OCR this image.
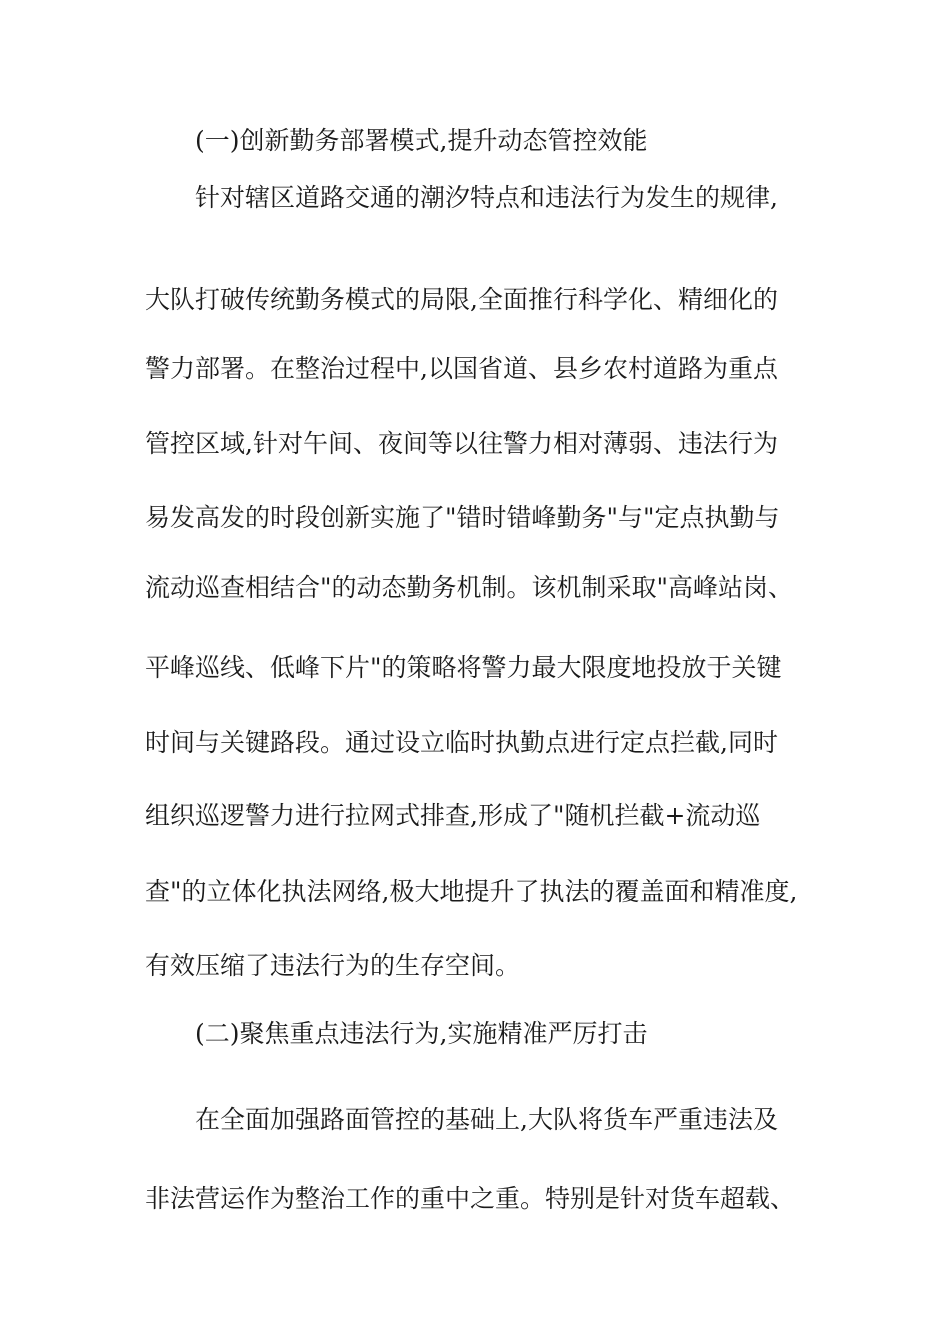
(一)创新勤务部署模式,提升动态管控效能
针对辖区道路交通的潮汐特点和违法行为发生的规律,
大队打破传统勤务模式的局限,全面推行科学化、精细化的
警力部署。在整治过程中,以国省道、县乡农村道路为重点
管控区域,针对午间、夜间等以往警力相对薄弱、违法行为
易发高发的时段创新实施了"错时错峰勤务"与"定点执勤与
流动巡查相结合"的动态勤务机制。该机制采取"高峰站岗、
平峰巡线、低峰下片"的策略将警力最大限度地投放于关键
时间与关键路段。通过设立临时执勤点进行定点拦截,同时
组织巡逻警力进行拉网式排查,形成了"随机拦截+流动巡
查"的立体化执法网络,极大地提升了执法的覆盖面和精准度,
有效压缩了违法行为的生存空间。
(二)聚焦重点违法行为,实施精准严厉打击
在全面加强路面管控的基础上,大队将货车严重违法及
非法营运作为整治工作的重中之重。特别是针对货车超载、
